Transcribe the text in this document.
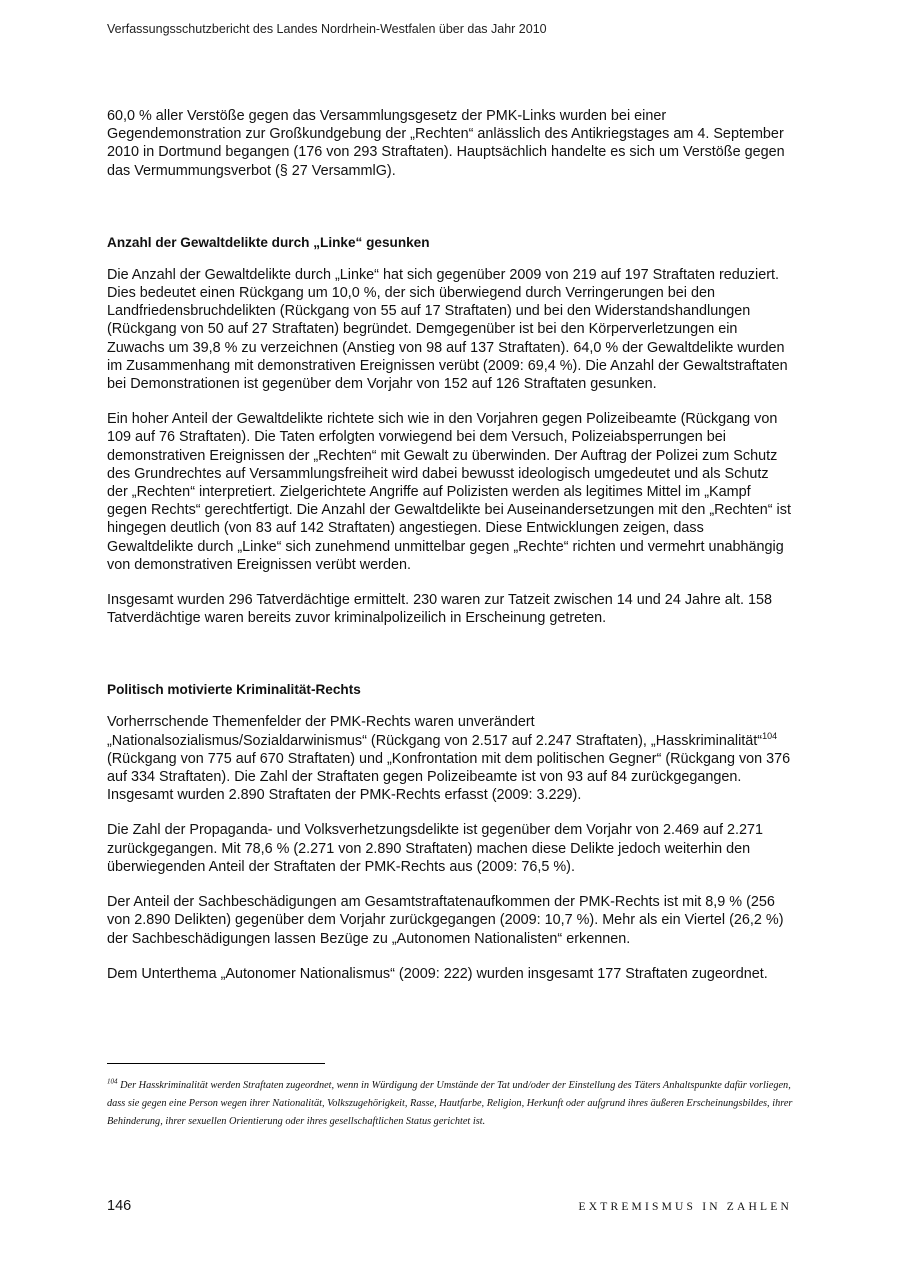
Verfassungsschutzbericht des Landes Nordrhein-Westfalen über das Jahr 2010

60,0 % aller Verstöße gegen das Versammlungsgesetz der PMK-Links wurden bei einer Gegendemonstration zur Großkundgebung der „Rechten“ anlässlich des Antikriegstages am 4. September 2010 in Dortmund begangen (176 von 293 Straftaten). Hauptsächlich handelte es sich um Verstöße gegen das Vermummungsverbot (§ 27 VersammlG).

Anzahl der Gewaltdelikte durch „Linke“ gesunken

Die Anzahl der Gewaltdelikte durch „Linke“ hat sich gegenüber 2009 von 219 auf 197 Straftaten reduziert. Dies bedeutet einen Rückgang um 10,0 %, der sich überwiegend durch Verringerungen bei den Landfriedensbruchdelikten (Rückgang von 55 auf 17 Straftaten) und bei den Widerstandshandlungen (Rückgang von 50 auf 27 Straftaten) begründet. Demgegenüber ist bei den Körperverletzungen ein Zuwachs um 39,8 % zu verzeichnen (Anstieg von 98 auf 137 Straftaten). 64,0 % der Gewaltdelikte wurden im Zusammenhang mit demonstrativen Ereignissen verübt (2009: 69,4 %). Die Anzahl der Gewaltstraftaten bei Demonstrationen ist gegenüber dem Vorjahr von 152 auf 126 Straftaten gesunken.

Ein hoher Anteil der Gewaltdelikte richtete sich wie in den Vorjahren gegen Polizeibeamte (Rückgang von 109 auf 76 Straftaten). Die Taten erfolgten vorwiegend bei dem Versuch, Polizeiabsperrungen bei demonstrativen Ereignissen der „Rechten“ mit Gewalt zu überwinden. Der Auftrag der Polizei zum Schutz des Grundrechtes auf Versammlungsfreiheit wird dabei bewusst ideologisch umgedeutet und als Schutz der „Rechten“ interpretiert. Zielgerichtete Angriffe auf Polizisten werden als legitimes Mittel im „Kampf gegen Rechts“ gerechtfertigt. Die Anzahl der Gewaltdelikte bei Auseinandersetzungen mit den „Rechten“ ist hingegen deutlich (von 83 auf 142 Straftaten) angestiegen. Diese Entwicklungen zeigen, dass Gewaltdelikte durch „Linke“ sich zunehmend unmittelbar gegen „Rechte“ richten und vermehrt unabhängig von demonstrativen Ereignissen verübt werden.

Insgesamt wurden 296 Tatverdächtige ermittelt. 230 waren zur Tatzeit zwischen 14 und 24 Jahre alt. 158 Tatverdächtige waren bereits zuvor kriminalpolizeilich in Erscheinung getreten.

Politisch motivierte Kriminalität-Rechts

Vorherrschende Themenfelder der PMK-Rechts waren unverändert „Nationalsozialismus/Sozialdarwinismus“ (Rückgang von 2.517 auf 2.247 Straftaten), „Hasskriminalität“$^{104}$ (Rückgang von 775 auf 670 Straftaten) und „Konfrontation mit dem politischen Gegner“ (Rückgang von 376 auf 334 Straftaten). Die Zahl der Straftaten gegen Polizeibeamte ist von 93 auf 84 zurückgegangen. Insgesamt wurden 2.890 Straftaten der PMK-Rechts erfasst (2009: 3.229).

Die Zahl der Propaganda- und Volksverhetzungsdelikte ist gegenüber dem Vorjahr von 2.469 auf 2.271 zurückgegangen. Mit 78,6 % (2.271 von 2.890 Straftaten) machen diese Delikte jedoch weiterhin den überwiegenden Anteil der Straftaten der PMK-Rechts aus (2009: 76,5 %).

Der Anteil der Sachbeschädigungen am Gesamtstraftatenaufkommen der PMK-Rechts ist mit 8,9 % (256 von 2.890 Delikten) gegenüber dem Vorjahr zurückgegangen (2009: 10,7 %). Mehr als ein Viertel (26,2 %) der Sachbeschädigungen lassen Bezüge zu „Autonomen Nationalisten“ erkennen.

Dem Unterthema „Autonomer Nationalismus“ (2009: 222) wurden insgesamt 177 Straftaten zugeordnet.

$^{104}$ Der Hasskriminalität werden Straftaten zugeordnet, wenn in Würdigung der Umstände der Tat und/oder der Einstellung des Täters Anhaltspunkte dafür vorliegen, dass sie gegen eine Person wegen ihrer Nationalität, Volkszugehörigkeit, Rasse, Hautfarbe, Religion, Herkunft oder aufgrund ihres äußeren Erscheinungsbildes, ihrer Behinderung, ihrer sexuellen Orientierung oder ihres gesellschaftlichen Status gerichtet ist.
146	EXTREMISMUS IN ZAHLEN
